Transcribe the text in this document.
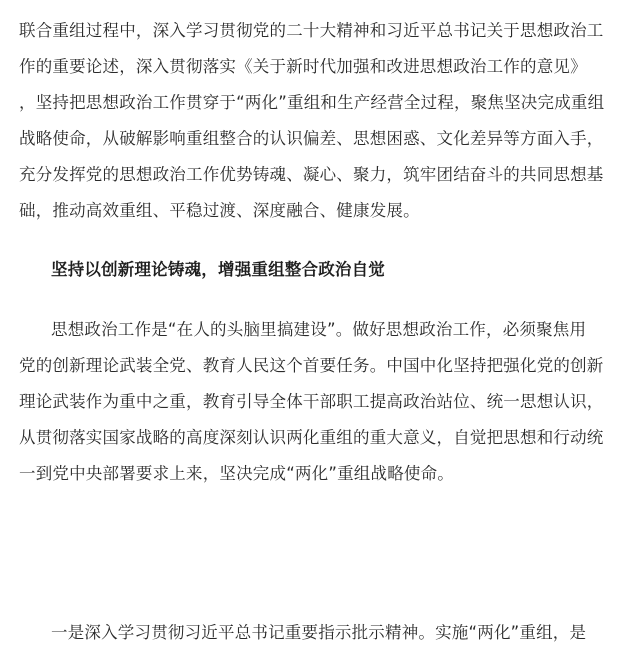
联合重组过程中，深入学习贯彻党的二十大精神和习近平总书记关于思想政治工
作的重要论述，深入贯彻落实《关于新时代加强和改进思想政治工作的意见》
，坚持把思想政治工作贯穿于“两化”重组和生产经营全过程，聚焦坚决完成重组
战略使命，从破解影响重组整合的认识偏差、思想困惑、文化差异等方面入手，
充分发挥党的思想政治工作优势铸魂、凝心、聚力，筑牢团结奋斗的共同思想基
础，推动高效重组、平稳过渡、深度融合、健康发展。
坚持以创新理论铸魂，增强重组整合政治自觉
思想政治工作是“在人的头脑里搞建设”。做好思想政治工作，必须聚焦用
党的创新理论武装全党、教育人民这个首要任务。中国中化坚持把强化党的创新
理论武装作为重中之重，教育引导全体干部职工提高政治站位、统一思想认识，
从贯彻落实国家战略的高度深刻认识两化重组的重大意义，自觉把思想和行动统
一到党中央部署要求上来，坚决完成“两化”重组战略使命。
一是深入学习贯彻习近平总书记重要指示批示精神。实施“两化”重组，是
